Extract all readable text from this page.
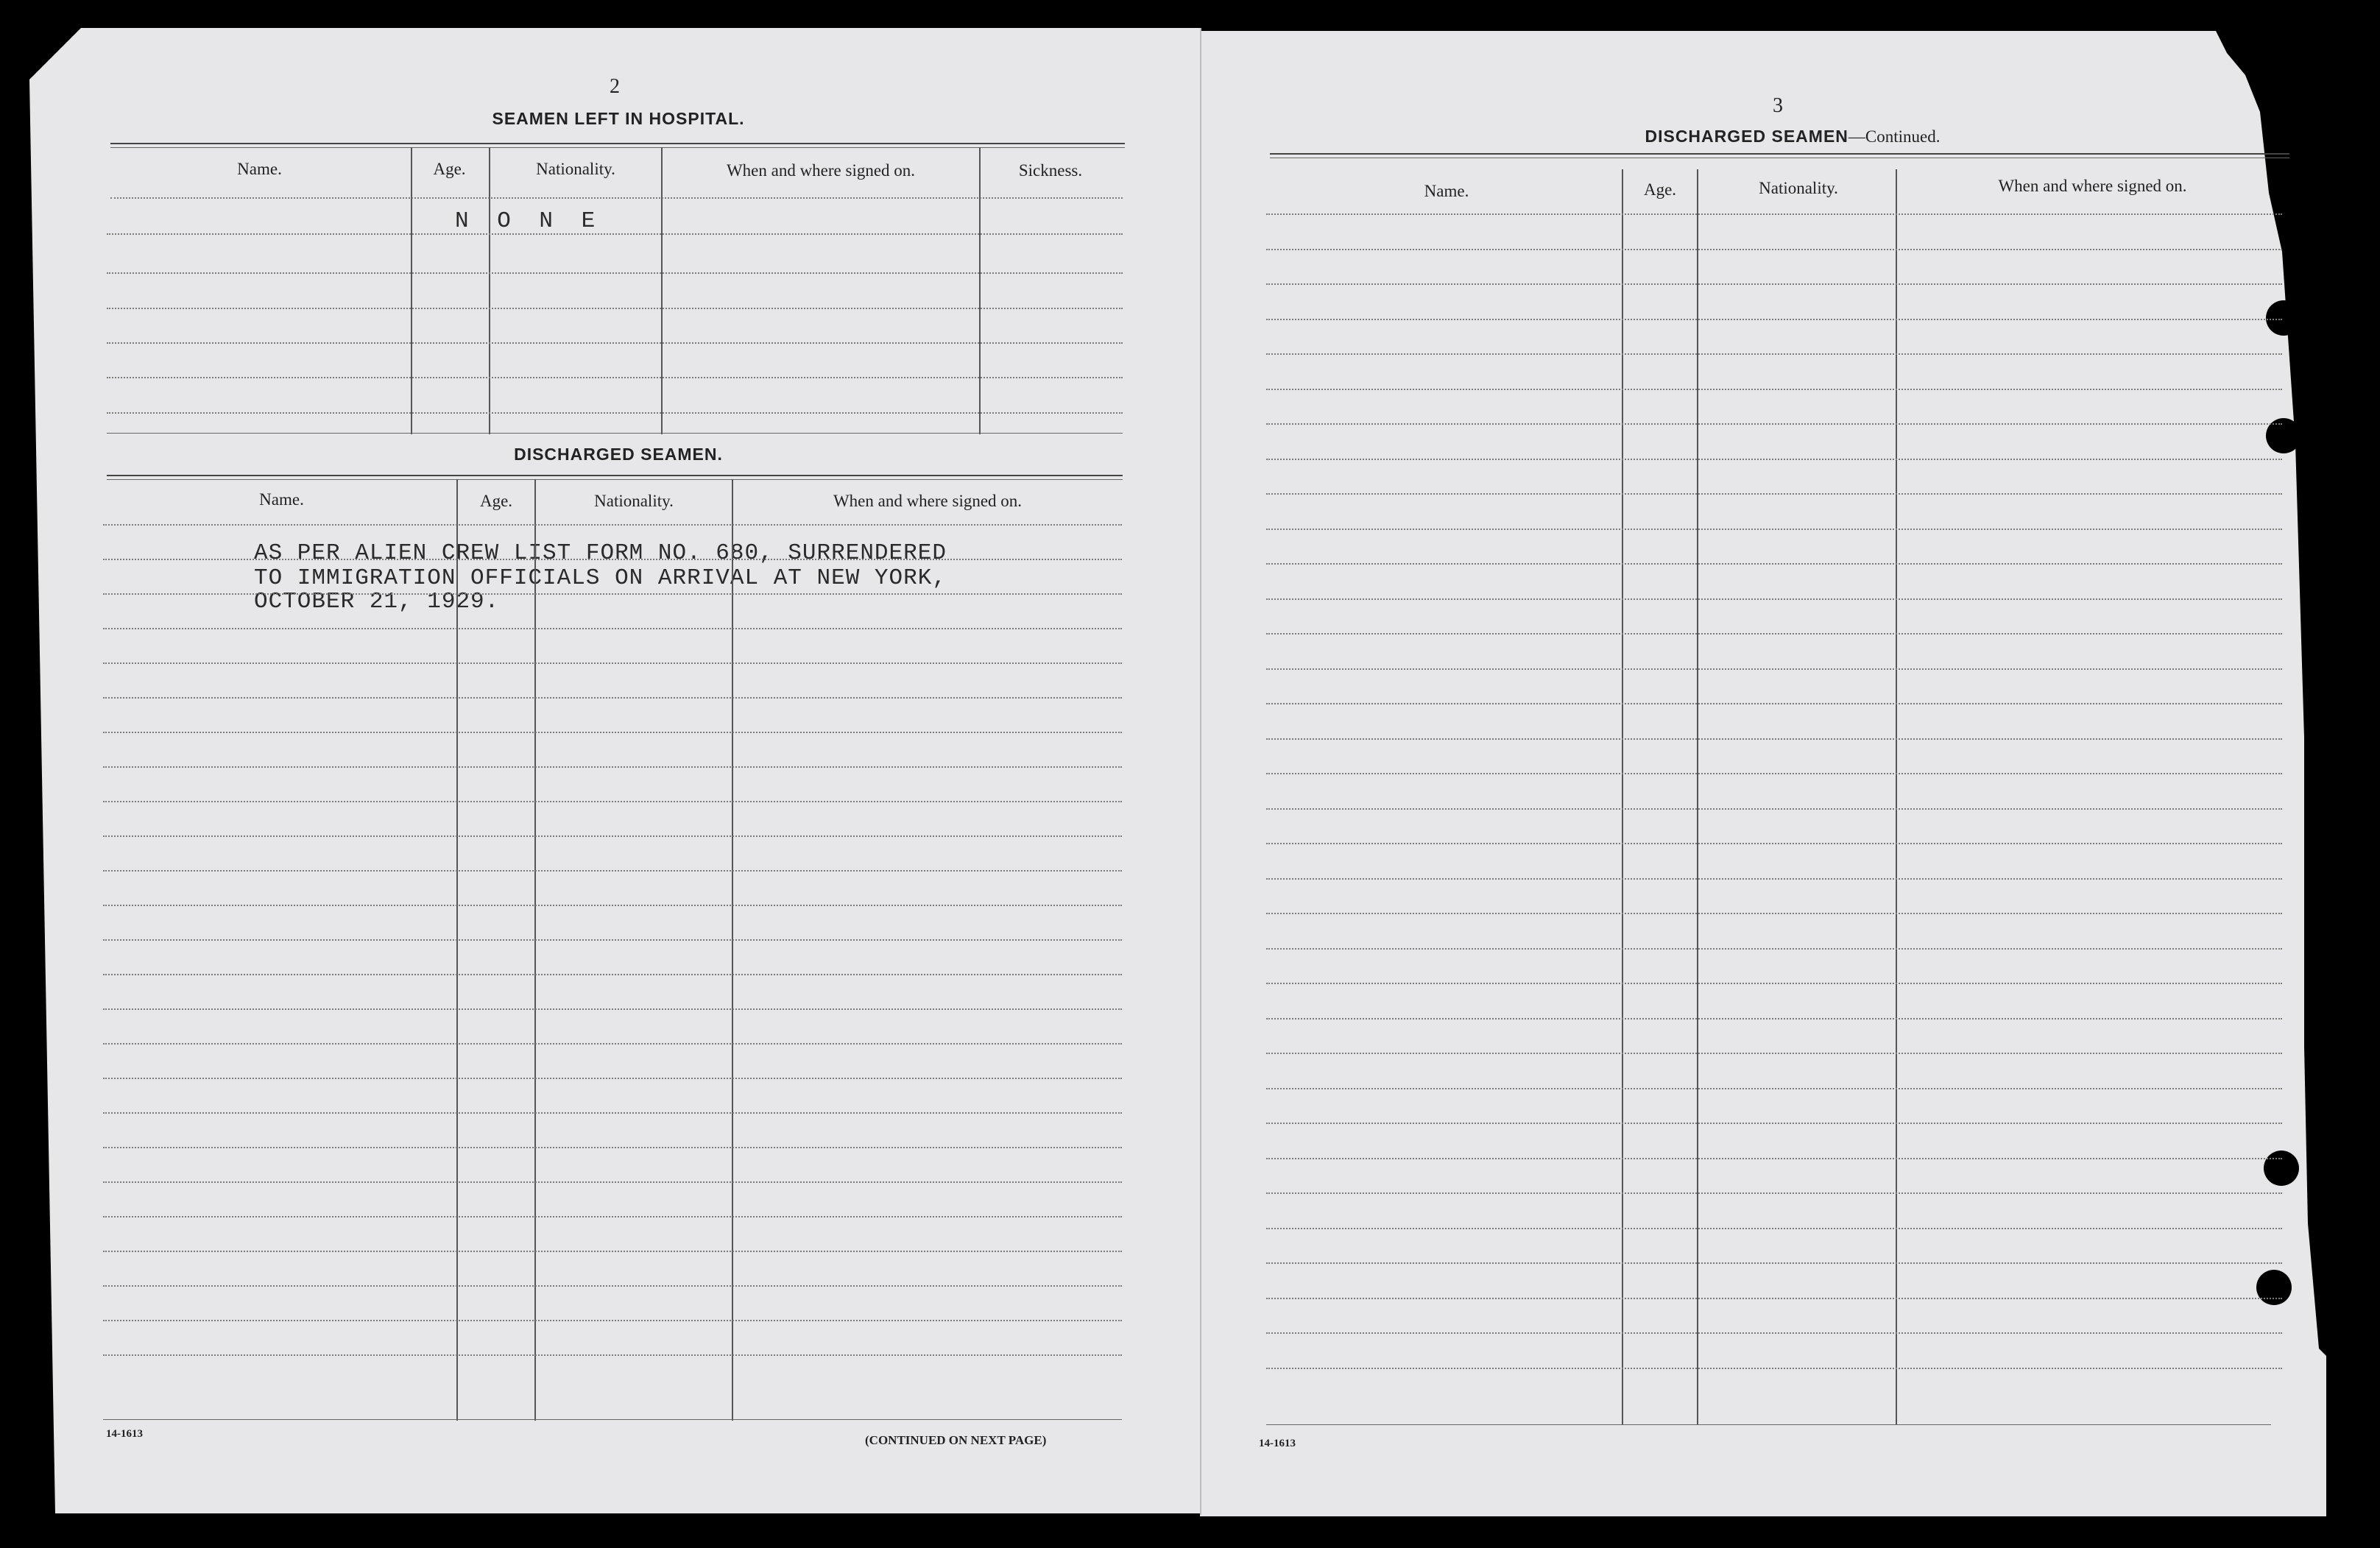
2
SEAMEN LEFT IN HOSPITAL.
Name.	Age.	Nationality.	When and where signed on.	Sickness.
N O N E
DISCHARGED SEAMEN.
Name.	Age.	Nationality.	When and where signed on.
AS PER ALIEN CREW LIST FORM NO. 680, SURRENDERED
TO IMMIGRATION OFFICIALS ON ARRIVAL AT NEW YORK,
OCTOBER 21, 1929.
14-1613	(CONTINUED ON NEXT PAGE)
3
DISCHARGED SEAMEN—Continued.
Name.	Age.	Nationality.	When and where signed on.
14-1613
